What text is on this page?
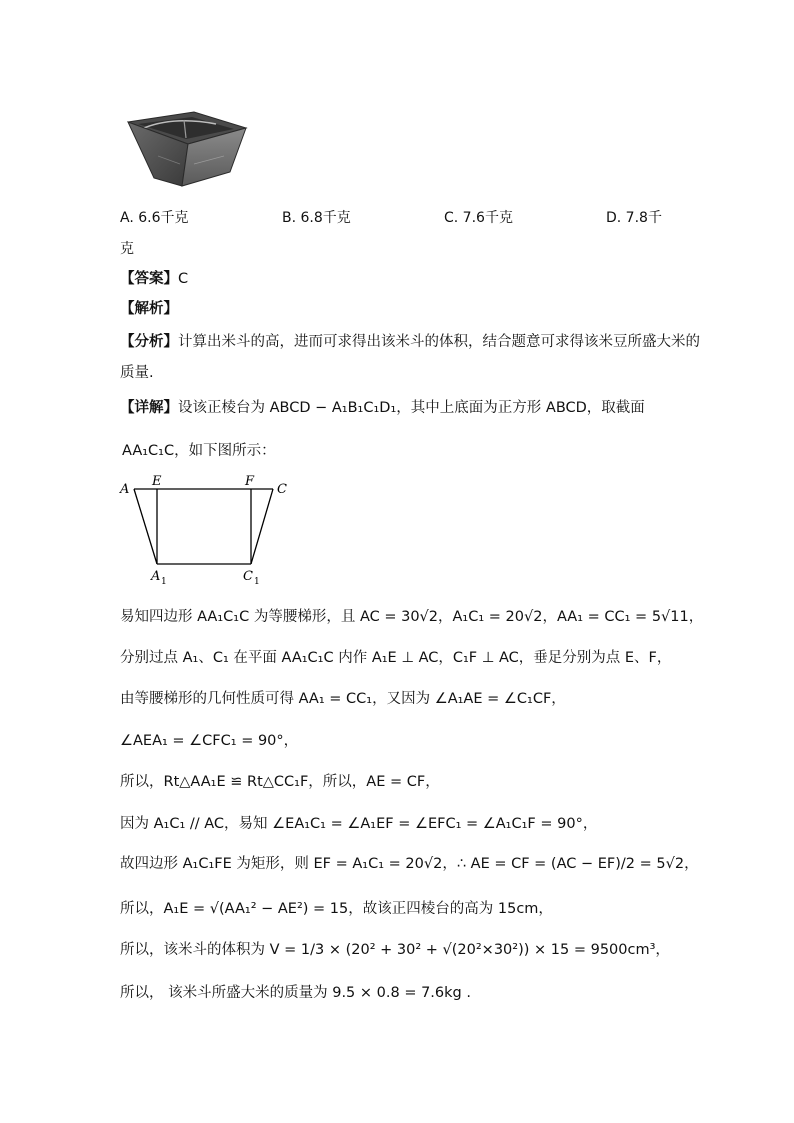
A. 6.6千克	B. 6.8千克	C. 7.6千克	D. 7.8千
克
【答案】C
【解析】
【分析】计算出米斗的高，进而可求得出该米斗的体积，结合题意可求得该米豆所盛大米的
质量.
【详解】设该正棱台为 ABCD − A₁B₁C₁D₁，其中上底面为正方形 ABCD，取截面
AA₁C₁C，如下图所示：
A
E	F
C
A 1	C 1
易知四边形 AA₁C₁C 为等腰梯形，且 AC = 30√2，A₁C₁ = 20√2，AA₁ = CC₁ = 5√11，
分别过点 A₁、C₁ 在平面 AA₁C₁C 内作 A₁E ⊥ AC，C₁F ⊥ AC，垂足分别为点 E、F，
由等腰梯形的几何性质可得 AA₁ = CC₁，又因为 ∠A₁AE = ∠C₁CF，
∠AEA₁ = ∠CFC₁ = 90°，
所以，Rt△AA₁E ≌ Rt△CC₁F，所以，AE = CF，
因为 A₁C₁ // AC，易知 ∠EA₁C₁ = ∠A₁EF = ∠EFC₁ = ∠A₁C₁F = 90°，
故四边形 A₁C₁FE 为矩形，则 EF = A₁C₁ = 20√2，∴ AE = CF = (AC − EF)/2 = 5√2，
所以，A₁E = √(AA₁² − AE²) = 15，故该正四棱台的高为 15cm，
所以，该米斗的体积为 V = 1/3 × (20² + 30² + √(20²×30²)) × 15 = 9500cm³，
所以， 该米斗所盛大米的质量为 9.5 × 0.8 = 7.6kg .
